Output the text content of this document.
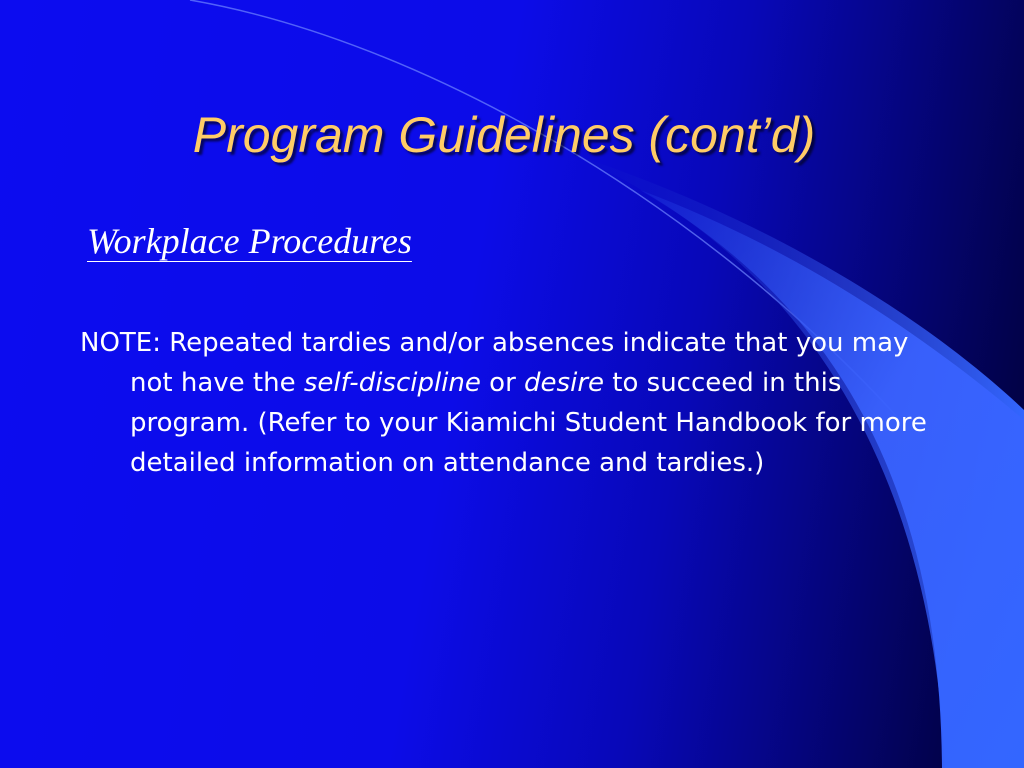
Program Guidelines (cont’d)
Workplace Procedures

NOTE: Repeated tardies and/or absences indicate that you may not have the self-discipline or desire to succeed in this program. (Refer to your Kiamichi Student Handbook for more detailed information on attendance and tardies.)
